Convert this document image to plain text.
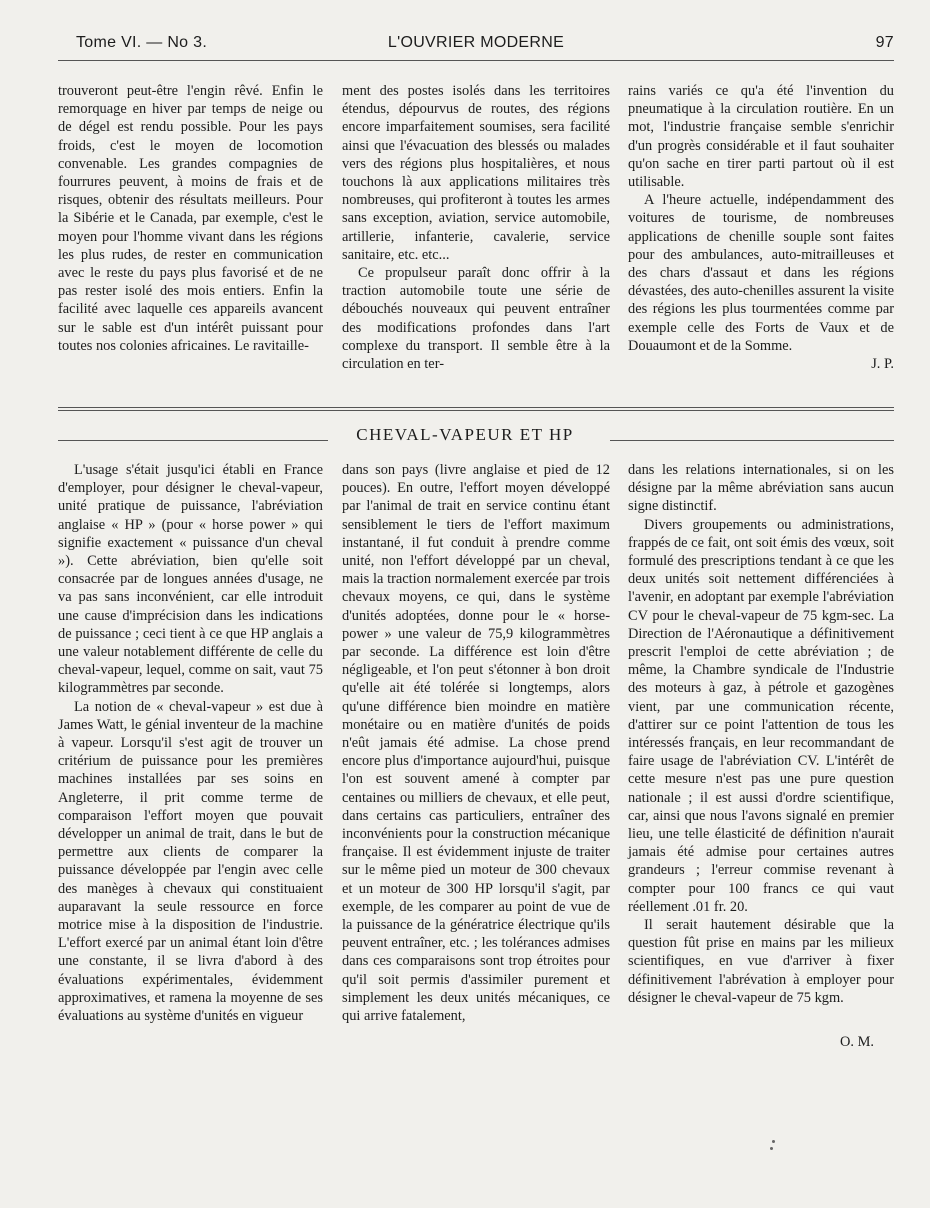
Tome VI. — No 3.	L'OUVRIER MODERNE	97

trouveront peut-être l'engin rêvé. Enfin le remorquage en hiver par temps de neige ou de dégel est rendu possible. Pour les pays froids, c'est le moyen de locomotion convenable. Les grandes compagnies de fourrures peuvent, à moins de frais et de risques, obtenir des résultats meilleurs. Pour la Sibérie et le Canada, par exemple, c'est le moyen pour l'homme vivant dans les régions les plus rudes, de rester en communication avec le reste du pays plus favorisé et de ne pas rester isolé des mois entiers. Enfin la facilité avec laquelle ces appareils avancent sur le sable est d'un intérêt puissant pour toutes nos colonies africaines. Le ravitaille-

ment des postes isolés dans les territoires étendus, dépourvus de routes, des régions encore imparfaitement soumises, sera facilité ainsi que l'évacuation des blessés ou malades vers des régions plus hospitalières, et nous touchons là aux applications militaires très nombreuses, qui profiteront à toutes les armes sans exception, aviation, service automobile, artillerie, infanterie, cavalerie, service sanitaire, etc. etc...

Ce propulseur paraît donc offrir à la traction automobile toute une série de débouchés nouveaux qui peuvent entraîner des modifications profondes dans l'art complexe du transport. Il semble être à la circulation en ter-

rains variés ce qu'a été l'invention du pneumatique à la circulation routière. En un mot, l'industrie française semble s'enrichir d'un progrès considérable et il faut souhaiter qu'on sache en tirer parti partout où il est utilisable.

A l'heure actuelle, indépendamment des voitures de tourisme, de nombreuses applications de chenille souple sont faites pour des ambulances, auto-mitrailleuses et des chars d'assaut et dans les régions dévastées, des auto-chenilles assurent la visite des régions les plus tourmentées comme par exemple celle des Forts de Vaux et de Douaumont et de la Somme.

J. P.

CHEVAL-VAPEUR ET HP

L'usage s'était jusqu'ici établi en France d'employer, pour désigner le cheval-vapeur, unité pratique de puissance, l'abréviation anglaise « HP » (pour « horse power » qui signifie exactement « puissance d'un cheval »). Cette abréviation, bien qu'elle soit consacrée par de longues années d'usage, ne va pas sans inconvénient, car elle introduit une cause d'imprécision dans les indications de puissance ; ceci tient à ce que HP anglais a une valeur notablement différente de celle du cheval-vapeur, lequel, comme on sait, vaut 75 kilogrammètres par seconde.

La notion de « cheval-vapeur » est due à James Watt, le génial inventeur de la machine à vapeur. Lorsqu'il s'est agit de trouver un critérium de puissance pour les premières machines installées par ses soins en Angleterre, il prit comme terme de comparaison l'effort moyen que pouvait développer un animal de trait, dans le but de permettre aux clients de comparer la puissance développée par l'engin avec celle des manèges à chevaux qui constituaient auparavant la seule ressource en force motrice mise à la disposition de l'industrie. L'effort exercé par un animal étant loin d'être une constante, il se livra d'abord à des évaluations expérimentales, évidemment approximatives, et ramena la moyenne de ses évaluations au système d'unités en vigueur

dans son pays (livre anglaise et pied de 12 pouces). En outre, l'effort moyen développé par l'animal de trait en service continu étant sensiblement le tiers de l'effort maximum instantané, il fut conduit à prendre comme unité, non l'effort développé par un cheval, mais la traction normalement exercée par trois chevaux moyens, ce qui, dans le système d'unités adoptées, donne pour le « horse-power » une valeur de 75,9 kilogrammètres par seconde. La différence est loin d'être négligeable, et l'on peut s'étonner à bon droit qu'elle ait été tolérée si longtemps, alors qu'une différence bien moindre en matière monétaire ou en matière d'unités de poids n'eût jamais été admise. La chose prend encore plus d'importance aujourd'hui, puisque l'on est souvent amené à compter par centaines ou milliers de chevaux, et elle peut, dans certains cas particuliers, entraîner des inconvénients pour la construction mécanique française. Il est évidemment injuste de traiter sur le même pied un moteur de 300 chevaux et un moteur de 300 HP lorsqu'il s'agit, par exemple, de les comparer au point de vue de la puissance de la génératrice électrique qu'ils peuvent entraîner, etc. ; les tolérances admises dans ces comparaisons sont trop étroites pour qu'il soit permis d'assimiler purement et simplement les deux unités mécaniques, ce qui arrive fatalement,

dans les relations internationales, si on les désigne par la même abréviation sans aucun signe distinctif.

Divers groupements ou administrations, frappés de ce fait, ont soit émis des vœux, soit formulé des prescriptions tendant à ce que les deux unités soit nettement différenciées à l'avenir, en adoptant par exemple l'abréviation CV pour le cheval-vapeur de 75 kgm-sec. La Direction de l'Aéronautique a définitivement prescrit l'emploi de cette abréviation ; de même, la Chambre syndicale de l'Industrie des moteurs à gaz, à pétrole et gazogènes vient, par une communication récente, d'attirer sur ce point l'attention de tous les intéressés français, en leur recommandant de faire usage de l'abréviation CV. L'intérêt de cette mesure n'est pas une pure question nationale ; il est aussi d'ordre scientifique, car, ainsi que nous l'avons signalé en premier lieu, une telle élasticité de définition n'aurait jamais été admise pour certaines autres grandeurs ; l'erreur commise revenant à compter pour 100 francs ce qui vaut réellement .01 fr. 20.

Il serait hautement désirable que la question fût prise en mains par les milieux scientifiques, en vue d'arriver à fixer définitivement l'abrévation à employer pour désigner le cheval-vapeur de 75 kgm.

O. M.
